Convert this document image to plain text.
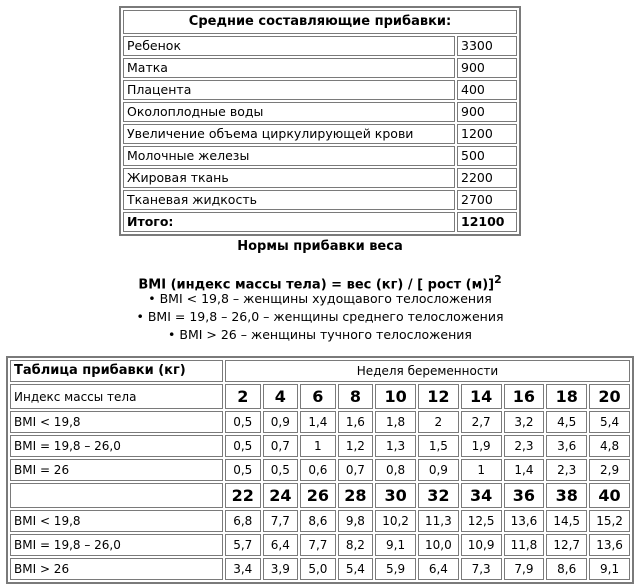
Средние составляющие прибавки:	
Ребенок	3300
Матка	900
Плацента	400
Околоплодные воды	900
Увеличение объема циркулирующей крови	1200
Молочные железы	500
Жировая ткань	2200
Тканевая жидкость	2700
Итого:	12100
Нормы прибавки веса
BMI (индекс массы тела) = вес (кг) / [ рост (м)]$^2$
• BMI < 19,8 – женщины худощавого телосложения
• BMI = 19,8 – 26,0 – женщины среднего телосложения
• BMI > 26 – женщины тучного телосложения
Таблица прибавки (кг)	Неделя беременности									
Индекс массы тела	2	4	6	8	10	12	14	16	18	20
BMI < 19,8	0,5	0,9	1,4	1,6	1,8	2	2,7	3,2	4,5	5,4
BMI = 19,8 – 26,0	0,5	0,7	1	1,2	1,3	1,5	1,9	2,3	3,6	4,8
BMI = 26	0,5	0,5	0,6	0,7	0,8	0,9	1	1,4	2,3	2,9
	22	24	26	28	30	32	34	36	38	40
BMI < 19,8	6,8	7,7	8,6	9,8	10,2	11,3	12,5	13,6	14,5	15,2
BMI = 19,8 – 26,0	5,7	6,4	7,7	8,2	9,1	10,0	10,9	11,8	12,7	13,6
BMI > 26	3,4	3,9	5,0	5,4	5,9	6,4	7,3	7,9	8,6	9,1
